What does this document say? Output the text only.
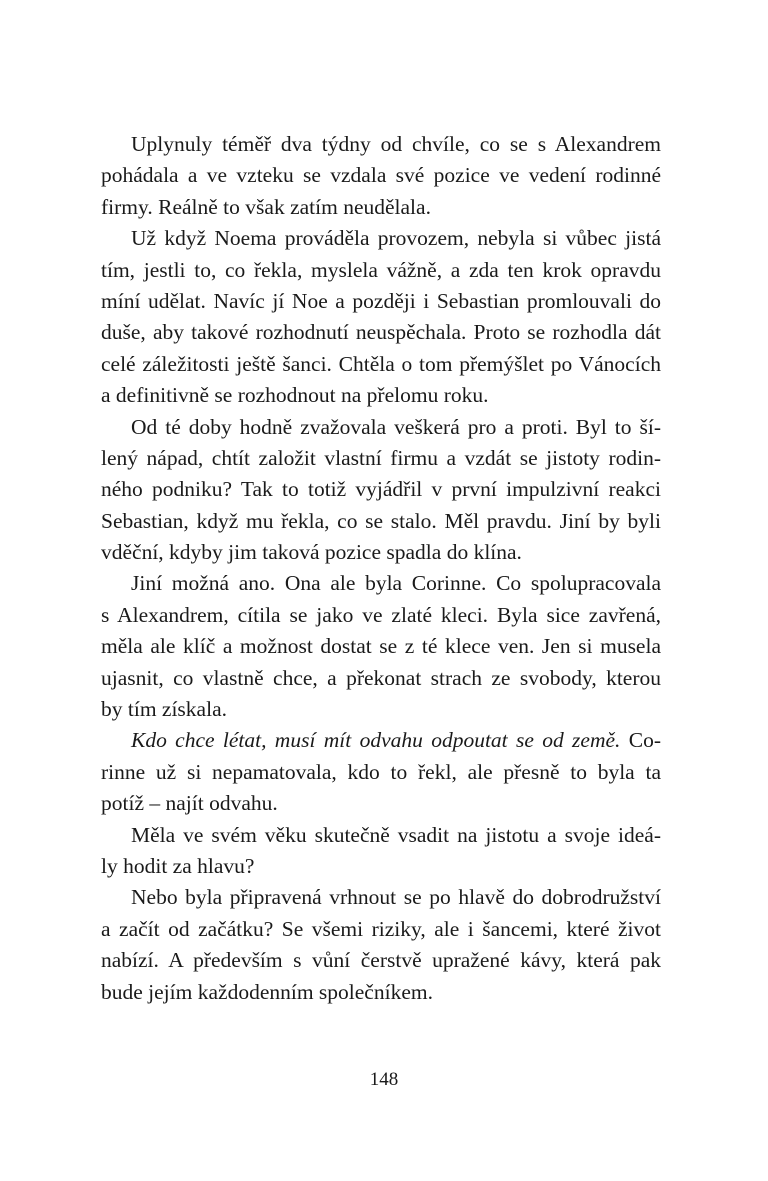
Uplynuly téměř dva týdny od chvíle, co se s Alexandrem
pohádala a ve vzteku se vzdala své pozice ve vedení rodinné
firmy. Reálně to však zatím neudělala.
Už když Noema prováděla provozem, nebyla si vůbec jistá
tím, jestli to, co řekla, myslela vážně, a zda ten krok opravdu
míní udělat. Navíc jí Noe a později i Sebastian promlouvali do
duše, aby takové rozhodnutí neuspěchala. Proto se rozhodla dát
celé záležitosti ještě šanci. Chtěla o tom přemýšlet po Vánocích
a definitivně se rozhodnout na přelomu roku.
Od té doby hodně zvažovala veškerá pro a proti. Byl to ší-
lený nápad, chtít založit vlastní firmu a vzdát se jistoty rodin-
ného podniku? Tak to totiž vyjádřil v první impulzivní reakci
Sebastian, když mu řekla, co se stalo. Měl pravdu. Jiní by byli
vděční, kdyby jim taková pozice spadla do klína.
Jiní možná ano. Ona ale byla Corinne. Co spolupracovala
s Alexandrem, cítila se jako ve zlaté kleci. Byla sice zavřená,
měla ale klíč a možnost dostat se z té klece ven. Jen si musela
ujasnit, co vlastně chce, a překonat strach ze svobody, kterou
by tím získala.
Kdo chce létat, musí mít odvahu odpoutat se od země. Co-
rinne už si nepamatovala, kdo to řekl, ale přesně to byla ta
potíž – najít odvahu.
Měla ve svém věku skutečně vsadit na jistotu a svoje ideá-
ly hodit za hlavu?
Nebo byla připravená vrhnout se po hlavě do dobrodružství
a začít od začátku? Se všemi riziky, ale i šancemi, které život
nabízí. A především s vůní čerstvě upražené kávy, která pak
bude jejím každodenním společníkem.
148
